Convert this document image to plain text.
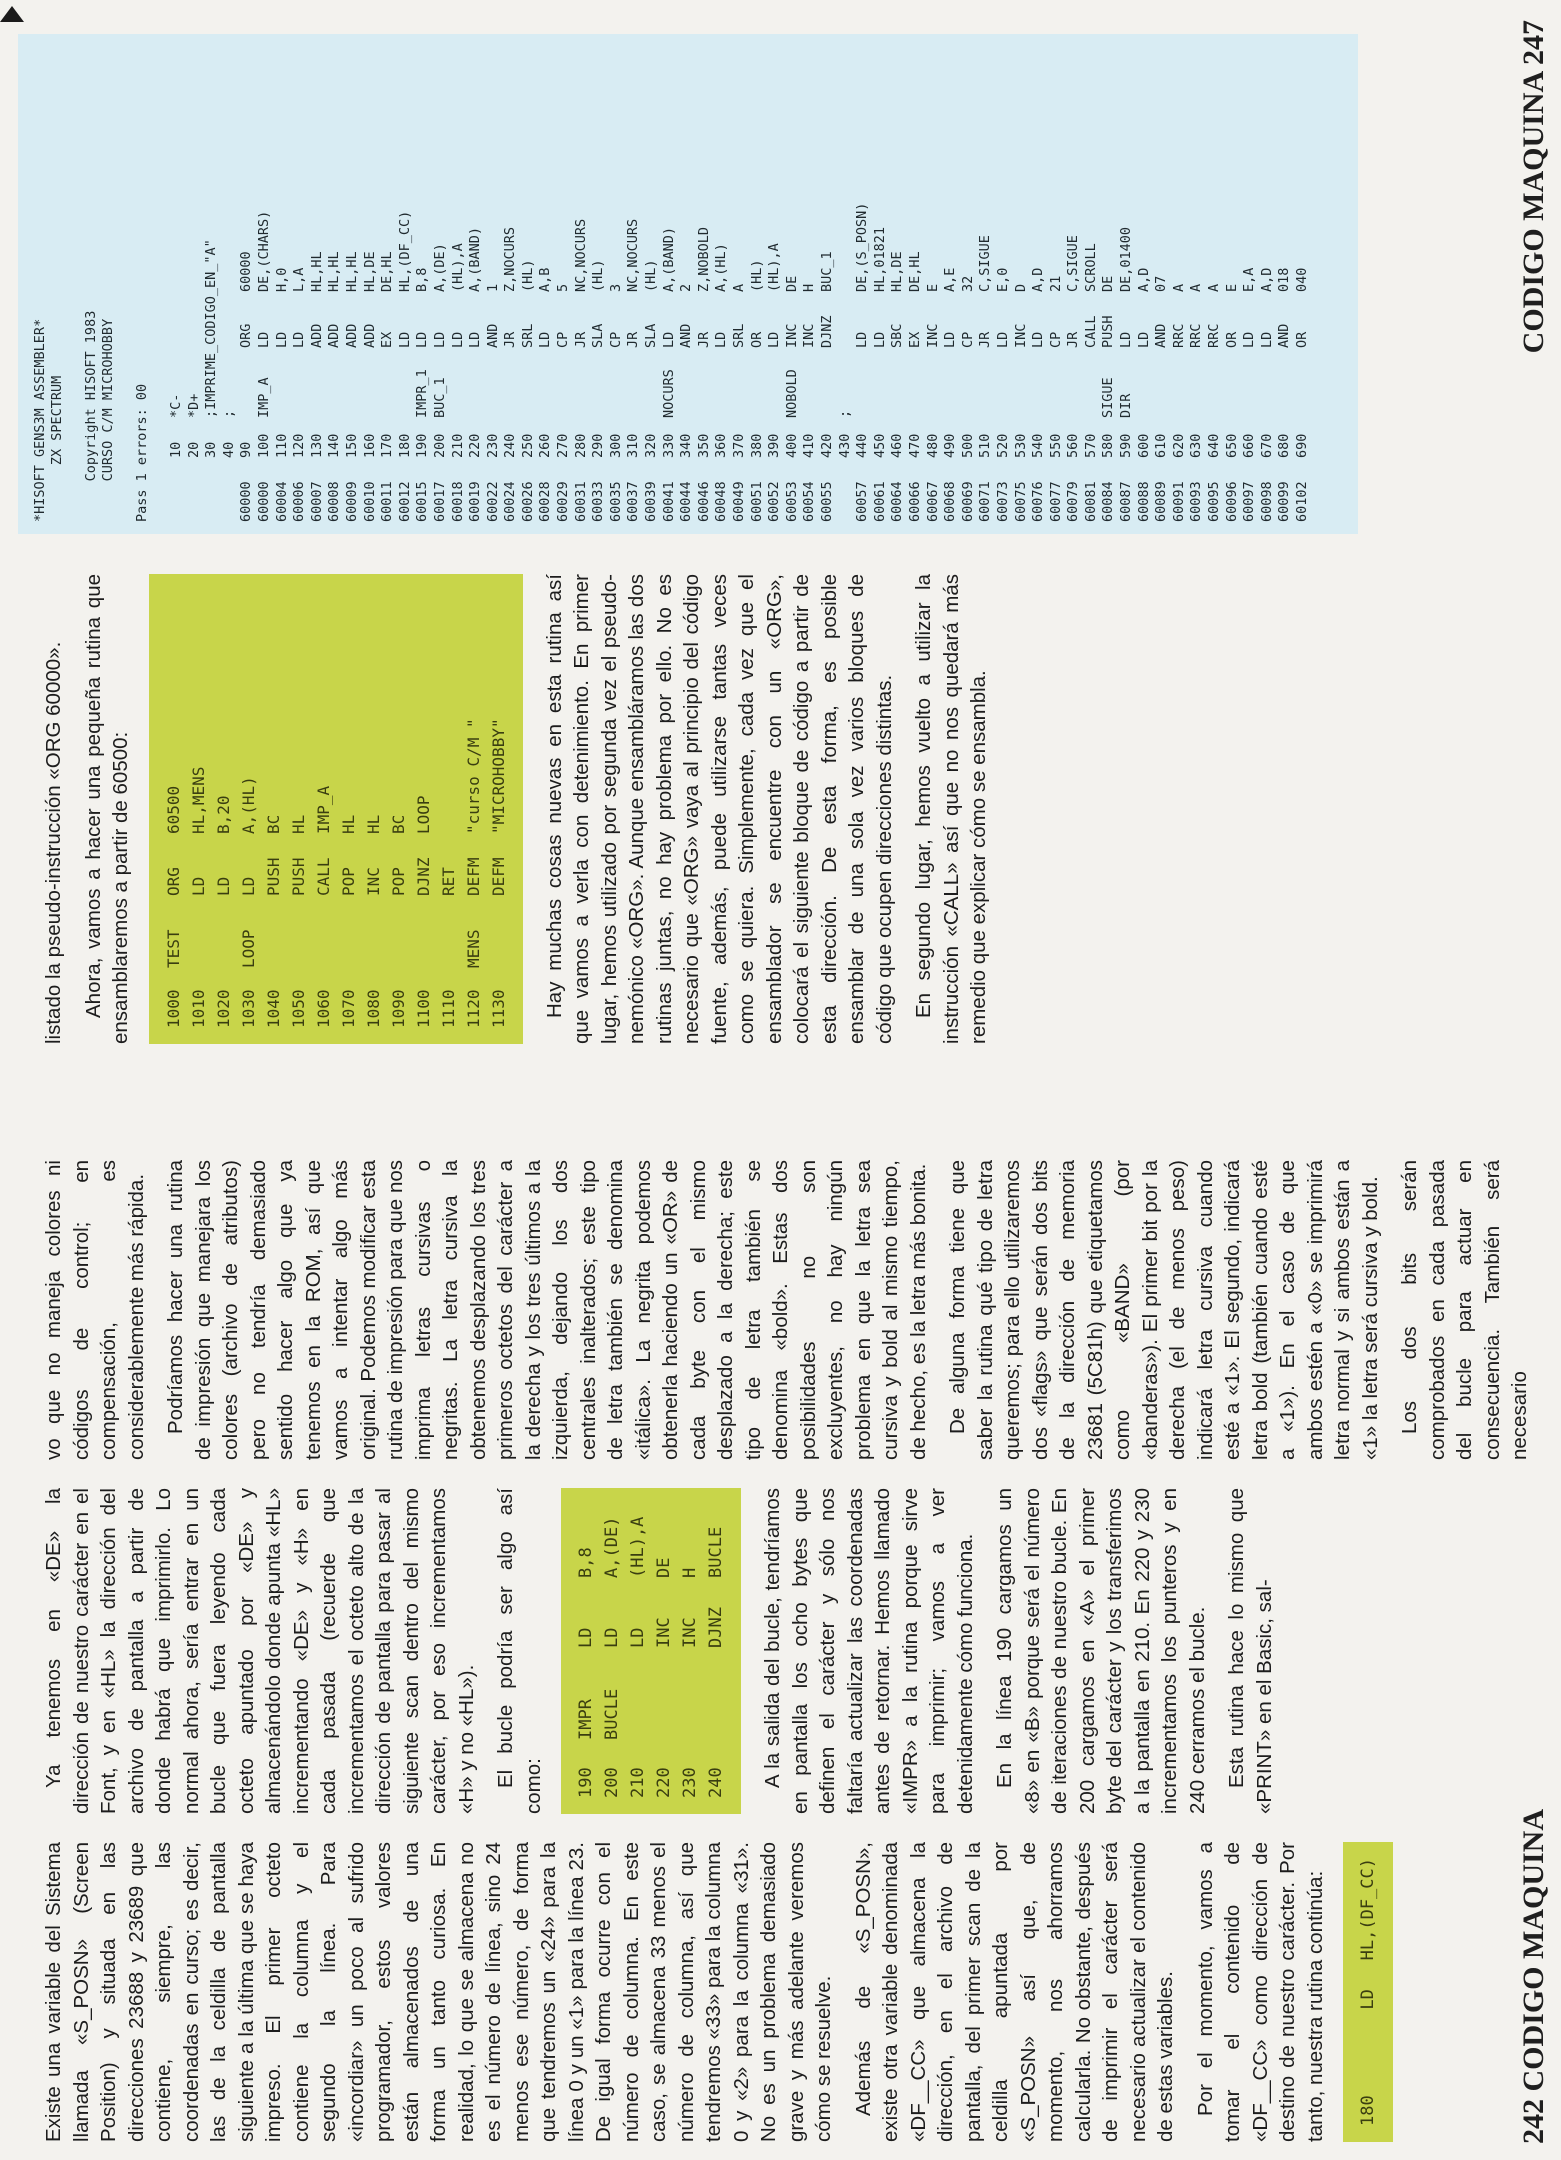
Existe una variable del Sistema llamada «S_POSN» (Screen Position) y situada en las direcciones 23688 y 23689 que contiene, siempre, las coordenadas en curso; es decir, las de la celdilla de pantalla siguiente a la última que se haya impreso. El primer octeto contiene la columna y el segundo la línea. Para «incordiar» un poco al sufrido programador, estos valores están almacenados de una forma un tanto curiosa. En realidad, lo que se almacena no es el número de línea, sino 24 menos ese número, de forma que tendremos un «24» para la línea 0 y un «1» para la línea 23. De igual forma ocurre con el número de columna. En este caso, se almacena 33 menos el número de columna, así que tendremos «33» para la columna 0 y «2» para la columna «31». No es un problema demasiado grave y más adelante veremos cómo se resuelve. Además de «S_POSN», existe otra variable denominada «DF__CC» que almacena la dirección, en el archivo de pantalla, del primer scan de la celdilla apuntada por «S_POSN» así que, de momento, nos ahorramos calcularla. No obstante, después de imprimir el carácter será necesario actualizar el contenido de estas variables. Por el momento, vamos a tomar el contenido de «DF__CC» como dirección de destino de nuestro carácter. Por tanto, nuestra rutina continúa: 180
LD
HL,(DF_CC)

Ya tenemos en «DE» la dirección de nuestro carácter en el Font, y en «HL» la dirección del archivo de pantalla a partir de donde habrá que imprimirlo. Lo normal ahora, sería entrar en un bucle que fuera leyendo cada octeto apuntado por «DE» y almacenándolo donde apunta «HL» incrementando «DE» y «H» en cada pasada (recuerde que incrementamos el octeto alto de la dirección de pantalla para pasar al siguiente scan dentro del mismo carácter, por eso incrementamos «H» y no «HL»). El bucle podría ser algo así como: 190
IMPR
LD
B,8
200
BUCLE
LD
A,(DE)
210
LD
(HL),A
220
INC
DE
230
INC
H
240
DJNZ
BUCLE A la salida del bucle, tendríamos en pantalla los ocho bytes que definen el carácter y sólo nos faltaría actualizar las coordenadas antes de retornar. Hemos llamado «IMPR» a la rutina porque sirve para imprimir; vamos a ver detenidamente cómo funciona. En la línea 190 cargamos un «8» en «B» porque será el número de iteraciones de nuestro bucle. En 200 cargamos en «A» el primer byte del carácter y los transferimos a la pantalla en 210. En 220 y 230 incrementamos los punteros y en 240 cerramos el bucle. Esta rutina hace lo mismo que «PRINT» en el Basic, sal-

vo que no maneja colores ni códigos de control; en compensación, es considerablemente más rápida. Podríamos hacer una rutina de impresión que manejara los colores (archivo de atributos) pero no tendría demasiado sentido hacer algo que ya tenemos en la ROM, así que vamos a intentar algo más original. Podemos modificar esta rutina de impresión para que nos imprima letras cursivas o negritas. La letra cursiva la obtenemos desplazando los tres primeros octetos del carácter a la derecha y los tres últimos a la izquierda, dejando los dos centrales inalterados; este tipo de letra también se denomina «itálica». La negrita podemos obtenerla haciendo un «OR» de cada byte con el mismo desplazado a la derecha; este tipo de letra también se denomina «bold». Estas dos posibilidades no son excluyentes, no hay ningún problema en que la letra sea cursiva y bold al mismo tiempo, de hecho, es la letra más bonita. De alguna forma tiene que saber la rutina qué tipo de letra queremos; para ello utilizaremos dos «flags» que serán dos bits de la dirección de memoria 23681 (5C81h) que etiquetamos como «BAND» (por «banderas»). El primer bit por la derecha (el de menos peso) indicará letra cursiva cuando esté a «1». El segundo, indicará letra bold (también cuando esté a «1»). En el caso de que ambos estén a «0» se imprimirá letra normal y si ambos están a «1» la letra será cursiva y bold. Los dos bits serán comprobados en cada pasada del bucle para actuar en consecuencia. También será necesario

242 CODIGO MAQUINA

listado la pseudo-instrucción «ORG 60000». Ahora, vamos a hacer una pequeña rutina que ensamblaremos a partir de 60500: 1000
TEST
ORG
60500
1010
LD
HL,MENS
1020
LD
B,20
1030
LOOP
LD
A,(HL)
1040
PUSH
BC
1050
PUSH
HL
1060
CALL
IMP_A
1070
POP
HL
1080
INC
HL
1090
POP
BC
1100
DJNZ
LOOP
1110
RET
1120
MENS
DEFM
"curso C/M "
1130
DEFM
"MICROHOBBY" Hay muchas cosas nuevas en esta rutina así que vamos a verla con detenimiento. En primer lugar, hemos utilizado por segunda vez el pseudo-nemónico «ORG». Aunque ensambláramos las dos rutinas juntas, no hay problema por ello. No es necesario que «ORG» vaya al principio del código fuente, además, puede utilizarse tantas veces como se quiera. Simplemente, cada vez que el ensamblador se encuentre con un «ORG», colocará el siguiente bloque de código a partir de esta dirección. De esta forma, es posible ensamblar de una sola vez varios bloques de código que ocupen direcciones distintas. En segundo lugar, hemos vuelto a utilizar la instrucción «CALL» así que no nos quedará más remedio que explicar cómo se ensambla.

*HISOFT GENS3M ASSEMBLER* ZX SPECTRUM
Copyright HISOFT 1983 CURSO C/M MICROHOBBY
Pass 1 errors: 00
10
*C-
20
*D+
30
;IMPRIME_CODIGO_EN_"A"
40
;
60000
90
ORG
60000
60000
100
IMP_A
LD
DE,(CHARS)
60004
110
LD
H,0
60006
120
LD
L,A
60007
130
ADD
HL,HL
60008
140
ADD
HL,HL
60009
150
ADD
HL,HL
60010
160
ADD
HL,DE
60011
170
EX
DE,HL
60012
180
LD
HL,(DF_CC)
60015
190
IMPR_1
LD
B,8
60017
200
BUC_1
LD
A,(DE)
60018
210
LD
(HL),A
60019
220
LD
A,(BAND)
60022
230
AND
1
60024
240
JR
Z,NOCURS
60026
250
SRL
(HL)
60028
260
LD
A,B
60029
270
CP
5
60031
280
JR
NC,NOCURS
60033
290
SLA
(HL)
60035
300
CP
3
60037
310
JR
NC,NOCURS
60039
320
SLA
(HL)
60041
330
NOCURS
LD
A,(BAND)
60044
340
AND
2
60046
350
JR
Z,NOBOLD
60048
360
LD
A,(HL)
60049
370
SRL
A
60051
380
OR
(HL)
60052
390
LD
(HL),A
60053
400
NOBOLD
INC
DE
60054
410
INC
H
60055
420
DJNZ
BUC_1
430
;
60057
440
LD
DE,(S_POSN)
60061
450
LD
HL,01821
60064
460
SBC
HL,DE
60066
470
EX
DE,HL
60067
480
INC
E
60068
490
LD
A,E
60069
500
CP
32
60071
510
JR
C,SIGUE
60073
520
LD
E,0
60075
530
INC
D
60076
540
LD
A,D
60077
550
CP
21
60079
560
JR
C,SIGUE
60081
570
CALL
SCROLL
60084
580
SIGUE
PUSH
DE
60087
590
DIR
LD
DE,01400
60088
600
LD
A,D
60089
610
AND
07
60091
620
RRC
A
60093
630
RRC
A
60095
640
RRC
A
60096
650
OR
E
60097
660
LD
E,A
60098
670
LD
A,D
60099
680
AND
018
60102
690
OR
040	CODIGO MAQUINA 247
